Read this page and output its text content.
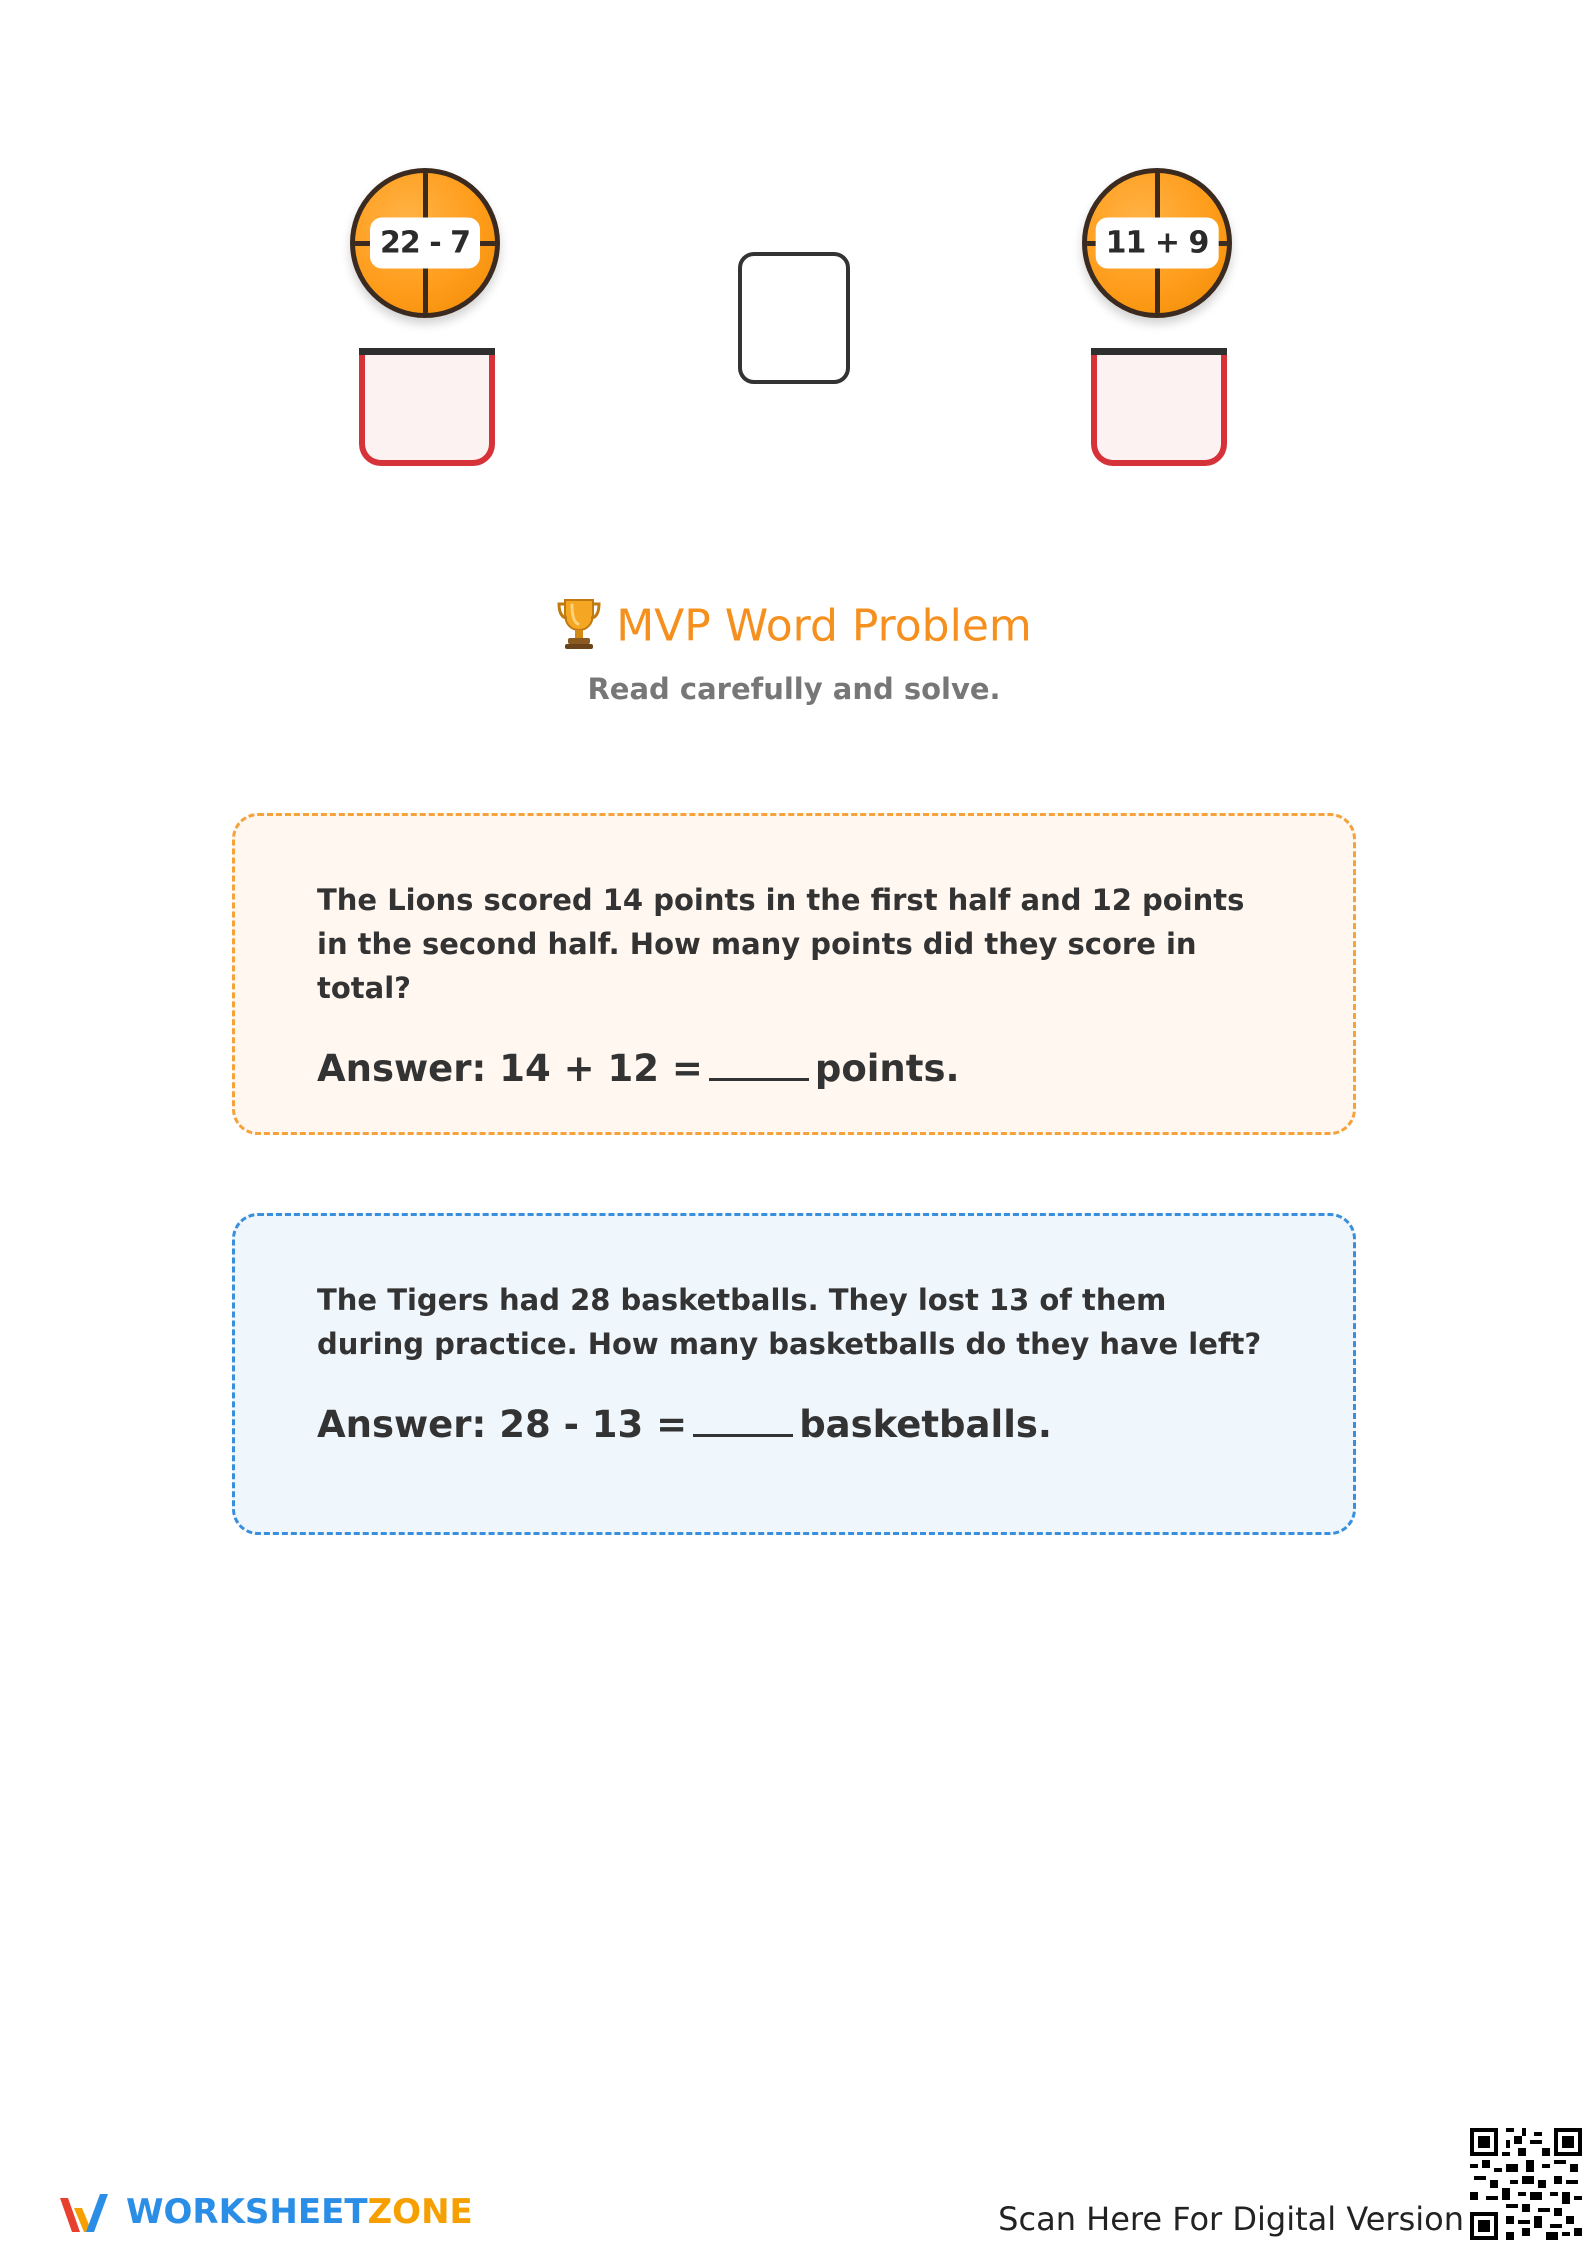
22 - 7	11 + 9
MVP Word Problem
Read carefully and solve.
The Lions scored 14 points in the first half and 12 points in the second half. How many points did they score in total?
Answer: 14 + 12 =	points.
The Tigers had 28 basketballs. They lost 13 of them during practice. How many basketballs do they have left?
Answer: 28 - 13 =	basketballs.
WORKSHEETZONE	Scan Here For Digital Version
